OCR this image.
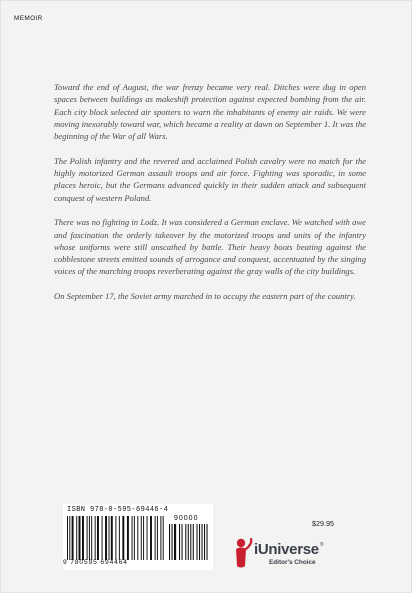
MEMOIR

Toward the end of August, the war frenzy became very real. Ditches were dug in open spaces between buildings as makeshift protection against expected bombing from the air. Each city block selected air spotters to warn the inhabitants of enemy air raids. We were moving inexorably toward war, which became a reality at dawn on September 1. It was the beginning of the War of all Wars.

The Polish infantry and the revered and acclaimed Polish cavalry were no match for the highly motorized German assault troops and air force. Fighting was sporadic, in some places heroic, but the Germans advanced quickly in their sudden attack and subsequent conquest of western Poland.

There was no fighting in Lodz. It was considered a German enclave. We watched with awe and fascination the orderly takeover by the motorized troops and units of the infantry whose uniforms were still unscathed by battle. Their heavy boots beating against the cobblestone streets emitted sounds of arrogance and conquest, accentuated by the singing voices of the marching troops reverberating against the gray walls of the city buildings.

On September 17, the Soviet army marched in to occupy the eastern part of the country.

ISBN 978-0-595-69446-4
90000
9 780595 694464
$29.95
iUniverse®
Editor's Choice
